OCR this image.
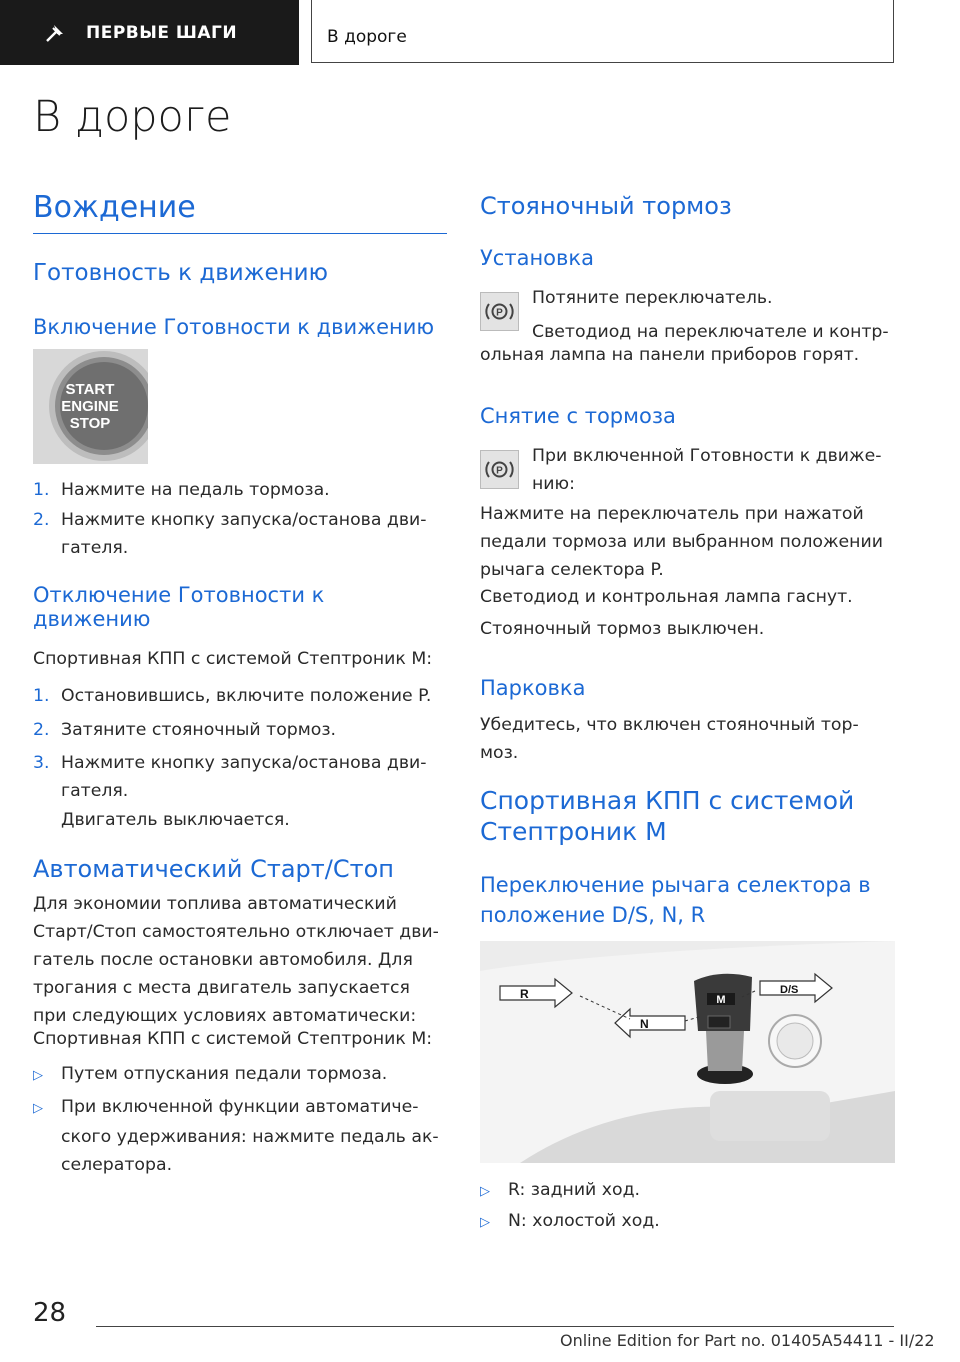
ПЕРВЫЕ ШАГИ	В дороге
В дороге
Вождение
Готовность к движению
Включение Готовности к движению
START
ENGINE
STOP
1. Нажмите на педаль тормоза.
2. Нажмите кнопку запуска/останова дви-
гателя.
Отключение Готовности к
движению
Спортивная КПП с системой Стептроник M:
1. Остановившись, включите положение P.
2. Затяните стояночный тормоз.
3. Нажмите кнопку запуска/останова дви-
гателя.
Двигатель выключается.
Автоматический Старт/Стоп
Для экономии топлива автоматический
Старт/Стоп самостоятельно отключает дви-
гатель после остановки автомобиля. Для
трогания с места двигатель запускается
при следующих условиях автоматически:
Спортивная КПП с системой Стептроник M:
▷ Путем отпускания педали тормоза.
▷ При включенной функции автоматиче-
ского удерживания: нажмите педаль ак-
селератора.
Стояночный тормоз
Установка
P
Потяните переключатель.
Светодиод на переключателе и контр-
ольная лампа на панели приборов горят.
Снятие с тормоза
P
При включенной Готовности к движе-
нию:
Нажмите на переключатель при нажатой
педали тормоза или выбранном положении
рычага селектора P.
Светодиод и контрольная лампа гаснут.
Стояночный тормоз выключен.
Парковка
Убедитесь, что включен стояночный тор-
моз.
Спортивная КПП с системой
Стептроник M
Переключение рычага селектора в
положение D/S, N, R
M
R
N
D/S
▷ R: задний ход.
▷ N: холостой ход.
28
Online Edition for Part no. 01405A54411 - II/22
